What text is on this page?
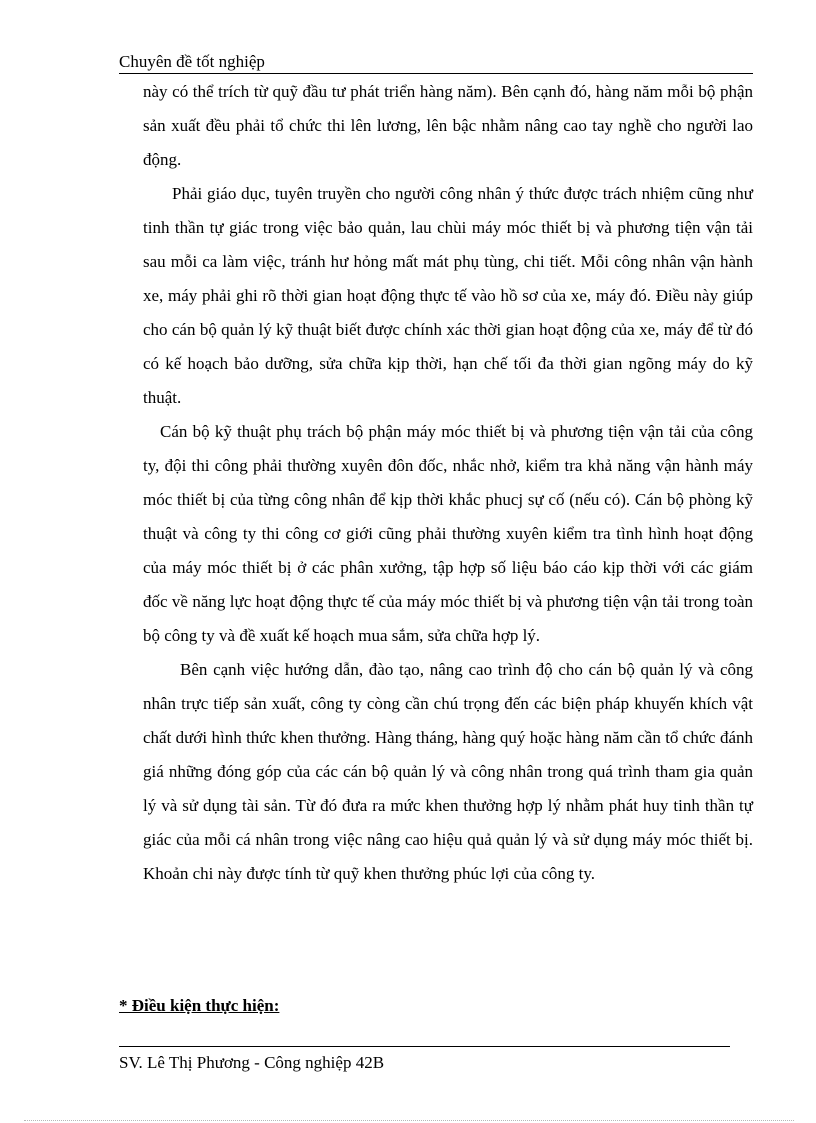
Chuyên đề tốt nghiệp

này có thể trích từ quỹ đầu tư phát triển hàng năm). Bên cạnh đó, hàng năm mỗi bộ phận sản xuất đều phải tổ chức thi lên lương, lên bậc nhằm nâng cao tay nghề cho người lao động.

Phải giáo dục, tuyên truyền cho người công nhân ý thức được trách nhiệm cũng như tinh thần tự giác trong việc bảo quản, lau chùi máy móc thiết bị và phương tiện vận tải sau mỗi ca làm việc, tránh hư hỏng mất mát phụ tùng, chi tiết. Mỗi công nhân vận hành xe, máy phải ghi rõ thời gian hoạt động thực tế vào hồ sơ của xe, máy đó. Điều này giúp cho cán bộ quản lý kỹ thuật biết được chính xác thời gian hoạt động của xe, máy để từ đó có kế hoạch bảo dưỡng, sửa chữa kịp thời, hạn chế tối đa thời gian ngõng máy do kỹ thuật.

Cán bộ kỹ thuật phụ trách bộ phận máy móc thiết bị và phương tiện vận tải của công ty, đội thi công phải thường xuyên đôn đốc, nhắc nhở, kiểm tra khả năng vận hành máy móc thiết bị của từng công nhân để kịp thời khắc phucj sự cố (nếu có). Cán bộ phòng kỹ thuật và công ty thi công cơ giới cũng phải thường xuyên kiểm tra tình hình hoạt động của máy móc thiết bị ở các phân xưởng, tập hợp số liệu báo cáo kịp thời với các giám đốc về năng lực hoạt động thực tế của máy móc thiết bị và phương tiện vận tải trong toàn bộ công ty và đề xuất kế hoạch mua sắm, sửa chữa hợp lý.

Bên cạnh việc hướng dẫn, đào tạo, nâng cao trình độ cho cán bộ quản lý và công nhân trực tiếp sản xuất, công ty còng cần chú trọng đến các biện pháp khuyến khích vật chất dưới hình thức khen thưởng. Hàng tháng, hàng quý hoặc hàng năm cần tổ chức đánh giá những đóng góp của các cán bộ quản lý và công nhân trong quá trình tham gia quản lý và sử dụng tài sản. Từ đó đưa ra mức khen thưởng hợp lý nhằm phát huy tinh thần tự giác của mỗi cá nhân trong việc nâng cao hiệu quả quản lý và sử dụng máy móc thiết bị. Khoản chi này được tính từ quỹ khen thưởng phúc lợi của công ty.

* Điều kiện thực hiện:
SV. Lê Thị Phương - Công nghiệp 42B
